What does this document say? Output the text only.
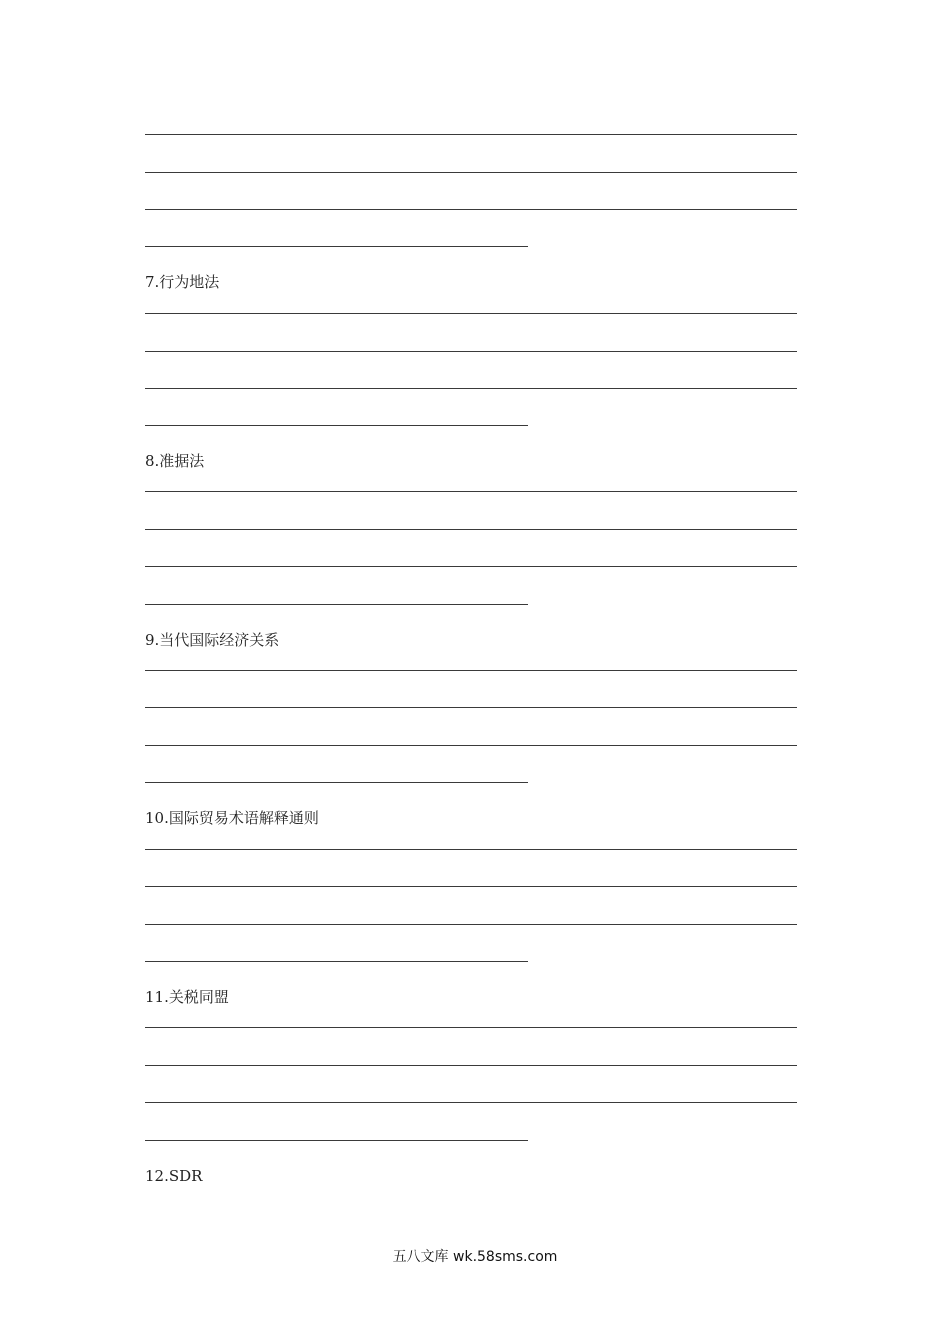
7.行为地法
8.准据法
9.当代国际经济关系
10.国际贸易术语解释通则
11.关税同盟
12.SDR
五八文库 wk.58sms.com
